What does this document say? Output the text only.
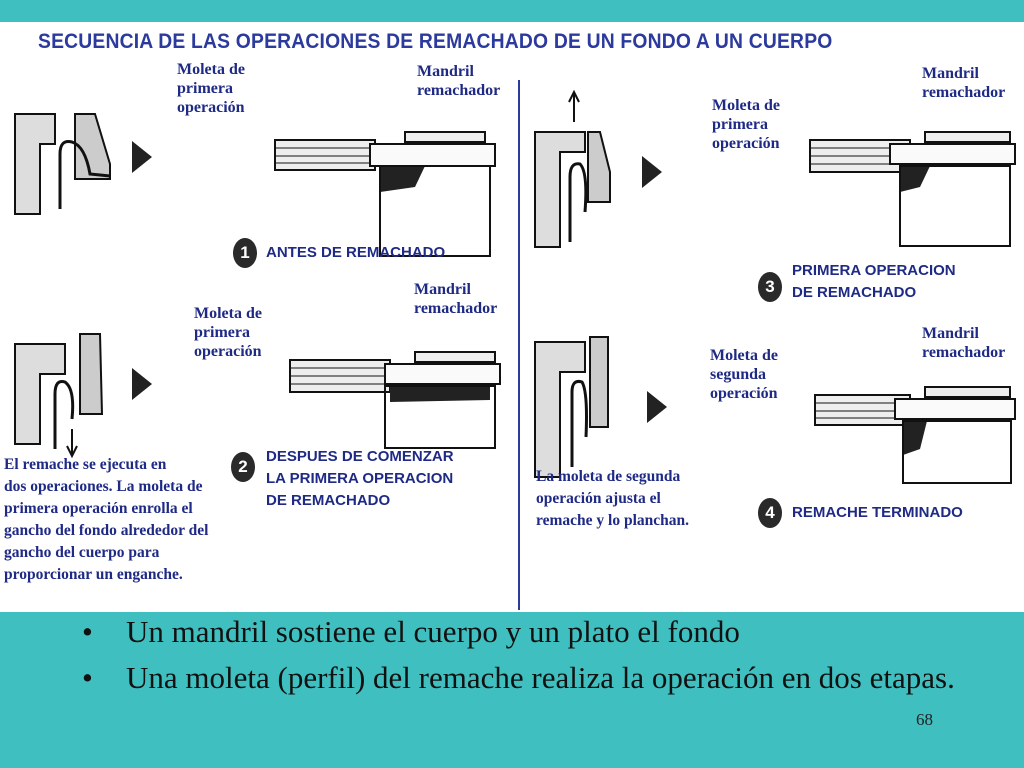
SECUENCIA DE LAS OPERACIONES DE REMACHADO DE UN FONDO A UN CUERPO
Moleta de
primera
operación
Mandril
remachador
1	ANTES DE REMACHADO
Moleta de
primera
operación
Mandril
remachador
2
DESPUES DE COMENZAR
LA PRIMERA OPERACION
DE REMACHADO
El remache se ejecuta en
dos operaciones. La moleta de
primera operación enrolla el
gancho del fondo alrededor del
gancho del cuerpo para
proporcionar un enganche.
Moleta de
primera
operación
Mandril
remachador
3
PRIMERA OPERACION
DE REMACHADO
Moleta de
segunda
operación
Mandril
remachador
4	REMACHE TERMINADO
La moleta de segunda
operación ajusta el
remache y lo planchan.
• Un mandril sostiene el cuerpo y un plato el fondo
• Una moleta (perfil) del remache realiza la operación en dos etapas.
68
